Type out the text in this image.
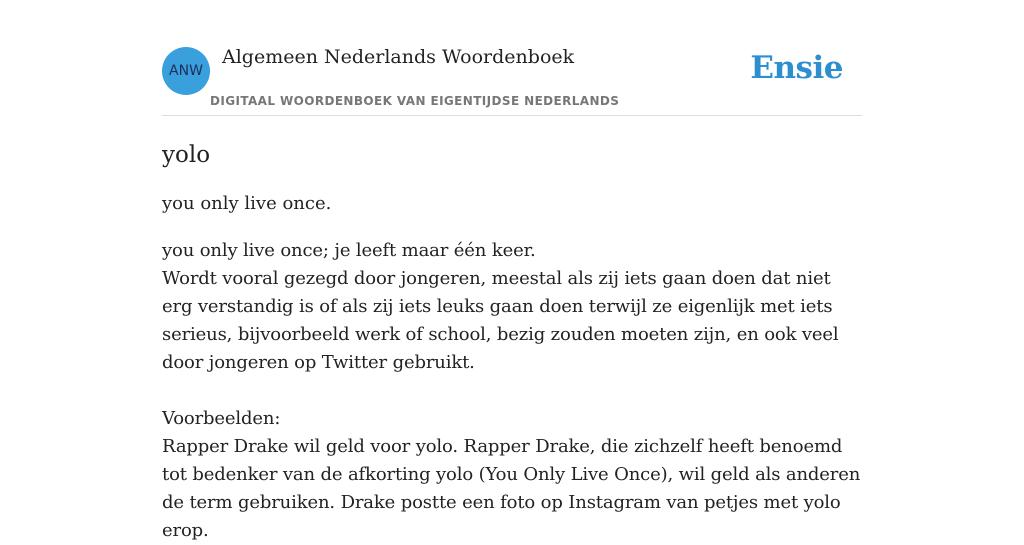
ANW
Algemeen Nederlands Woordenboek
DIGITAAL WOORDENBOEK VAN EIGENTIJDSE NEDERLANDS
Ensie
yolo

you only live once.

you only live once; je leeft maar één keer.
Wordt vooral gezegd door jongeren, meestal als zij iets gaan doen dat niet erg verstandig is of als zij iets leuks gaan doen terwijl ze eigenlijk met iets serieus, bijvoorbeeld werk of school, bezig zouden moeten zijn, en ook veel door jongeren op Twitter gebruikt.
Voorbeelden:
Rapper Drake wil geld voor yolo. Rapper Drake, die zichzelf heeft benoemd tot bedenker van de afkorting yolo (You Only Live Once), wil geld als anderen de term gebruiken. Drake postte een foto op Instagram van petjes met yolo erop.
